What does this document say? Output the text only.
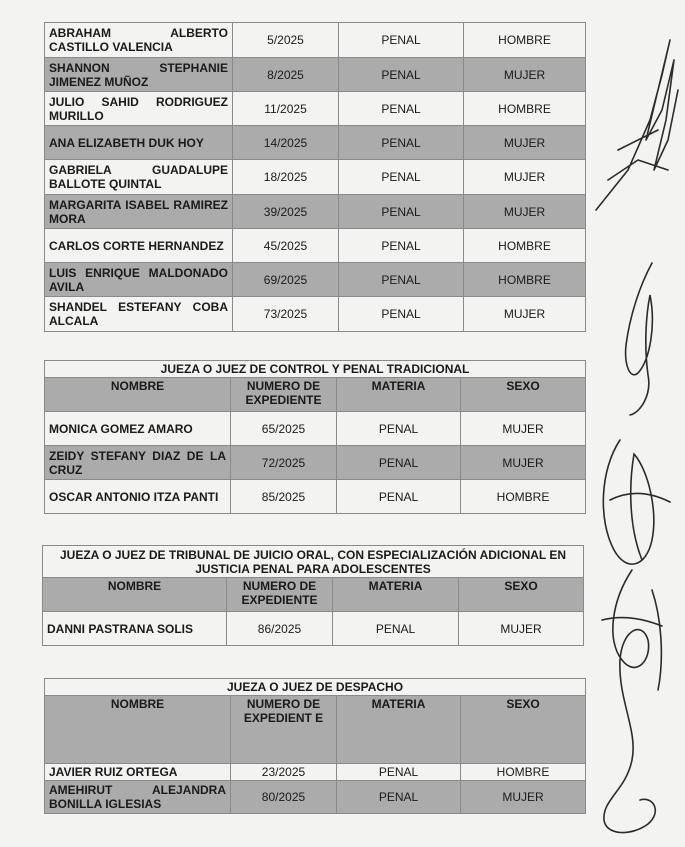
ABRAHAM ALBERTO CASTILLO VALENCIA	5/2025	PENAL	HOMBRE
SHANNON STEPHANIE JIMENEZ MUÑOZ	8/2025	PENAL	MUJER
JULIO SAHID RODRIGUEZ MURILLO	11/2025	PENAL	HOMBRE
ANA ELIZABETH DUK HOY	14/2025	PENAL	MUJER
GABRIELA GUADALUPE BALLOTE QUINTAL	18/2025	PENAL	MUJER
MARGARITA ISABEL RAMIREZ MORA	39/2025	PENAL	MUJER
CARLOS CORTE HERNANDEZ	45/2025	PENAL	HOMBRE
LUIS ENRIQUE MALDONADO AVILA	69/2025	PENAL	HOMBRE
SHANDEL ESTEFANY COBA ALCALA	73/2025	PENAL	MUJER
JUEZA O JUEZ DE CONTROL Y PENAL TRADICIONAL			
NOMBRE	NUMERO DE EXPEDIENTE	MATERIA	SEXO
MONICA GOMEZ AMARO	65/2025	PENAL	MUJER
ZEIDY STEFANY DIAZ DE LA CRUZ	72/2025	PENAL	MUJER
OSCAR ANTONIO ITZA PANTI	85/2025	PENAL	HOMBRE
JUEZA O JUEZ DE TRIBUNAL DE JUICIO ORAL, CON ESPECIALIZACIÓN ADICIONAL EN JUSTICIA PENAL PARA ADOLESCENTES			
NOMBRE	NUMERO DE EXPEDIENTE	MATERIA	SEXO
DANNI PASTRANA SOLIS	86/2025	PENAL	MUJER
JUEZA O JUEZ DE DESPACHO			
NOMBRE	NUMERO DE EXPEDIENT E	MATERIA	SEXO
JAVIER RUIZ ORTEGA	23/2025	PENAL	HOMBRE
AMEHIRUT ALEJANDRA BONILLA IGLESIAS	80/2025	PENAL	MUJER
